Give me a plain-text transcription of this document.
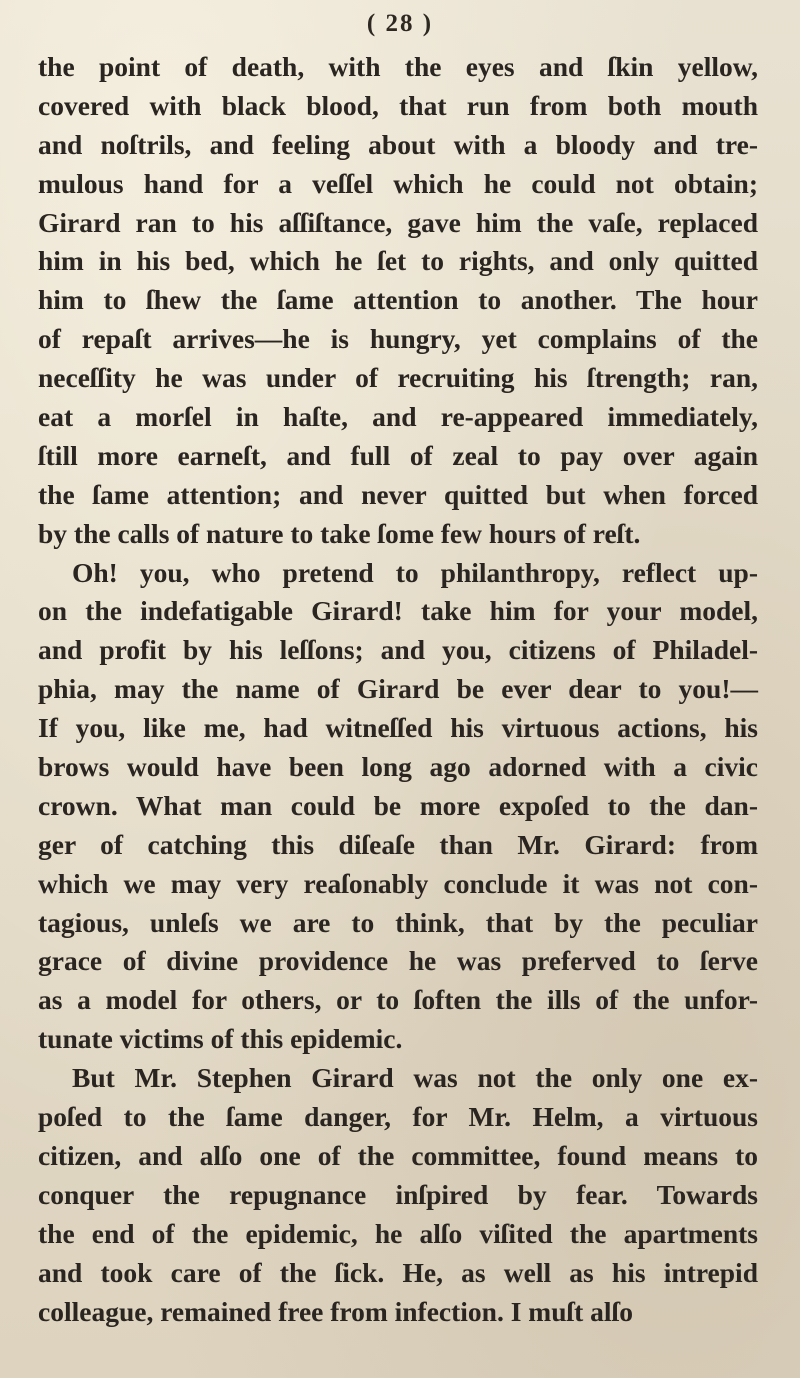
( 28 )
the point of death, with the eyes and ſkin yellow,
covered with black blood, that run from both mouth
and noſtrils, and feeling about with a bloody and tre-
mulous hand for a veſſel which he could not obtain;
Girard ran to his aſſiſtance, gave him the vaſe, replaced
him in his bed, which he ſet to rights, and only quitted
him to ſhew the ſame attention to another. The hour
of repaſt arrives—he is hungry, yet complains of the
neceſſity he was under of recruiting his ſtrength; ran,
eat a morſel in haſte, and re-appeared immediately,
ſtill more earneſt, and full of zeal to pay over again
the ſame attention; and never quitted but when forced
by the calls of nature to take ſome few hours of reſt.
Oh! you, who pretend to philanthropy, reflect up-
on the indefatigable Girard! take him for your model,
and profit by his leſſons; and you, citizens of Philadel-
phia, may the name of Girard be ever dear to you!—
If you, like me, had witneſſed his virtuous actions, his
brows would have been long ago adorned with a civic
crown. What man could be more expoſed to the dan-
ger of catching this diſeaſe than Mr. Girard: from
which we may very reaſonably conclude it was not con-
tagious, unleſs we are to think, that by the peculiar
grace of divine providence he was preferved to ſerve
as a model for others, or to ſoften the ills of the unfor-
tunate victims of this epidemic.
But Mr. Stephen Girard was not the only one ex-
poſed to the ſame danger, for Mr. Helm, a virtuous
citizen, and alſo one of the committee, found means to
conquer the repugnance inſpired by fear. Towards
the end of the epidemic, he alſo viſited the apartments
and took care of the ſick. He, as well as his intrepid
colleague, remained free from infection. I muſt alſo
